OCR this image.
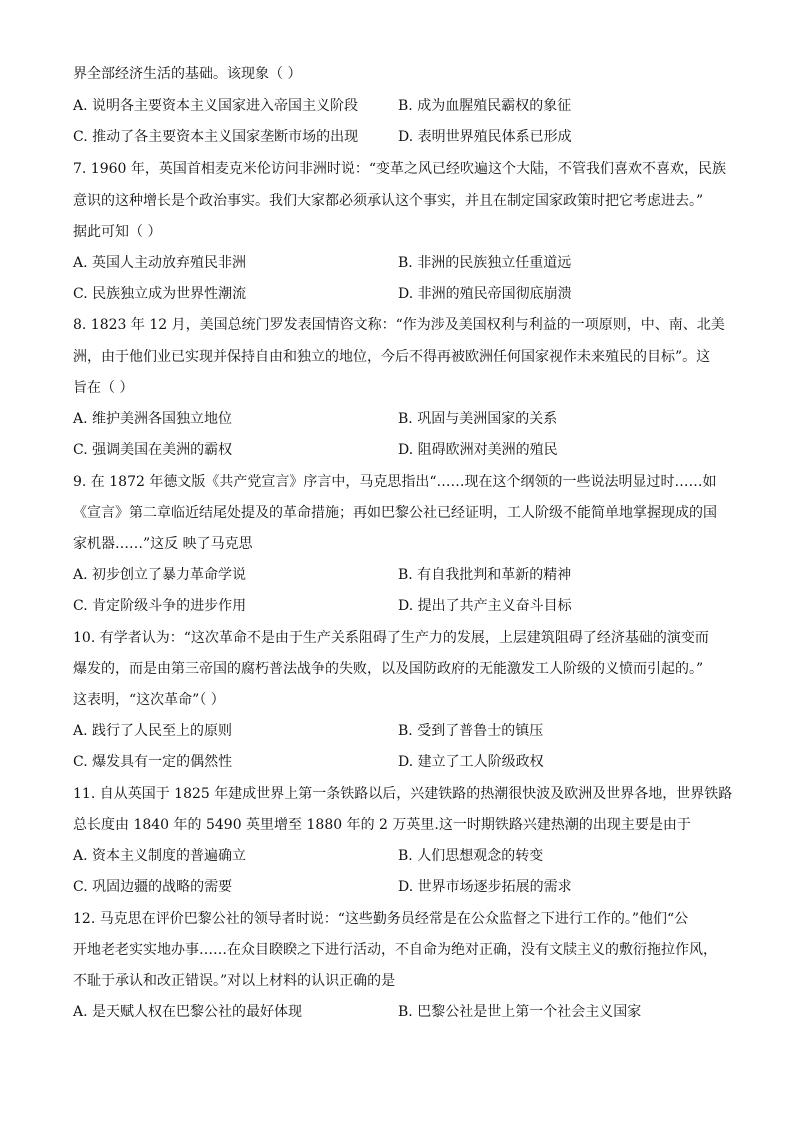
界全部经济生活的基础。该现象（ ）
A. 说明各主要资本主义国家进入帝国主义阶段	B. 成为血腥殖民霸权的象征
C. 推动了各主要资本主义国家垄断市场的出现	D. 表明世界殖民体系已形成
7. 1960 年，英国首相麦克米伦访问非洲时说：“变革之风已经吹遍这个大陆，不管我们喜欢不喜欢，民族
意识的这种增长是个政治事实。我们大家都必须承认这个事实，并且在制定国家政策时把它考虑进去。”
据此可知（ ）
A. 英国人主动放弃殖民非洲	B. 非洲的民族独立任重道远
C. 民族独立成为世界性潮流	D. 非洲的殖民帝国彻底崩溃
8. 1823 年 12 月，美国总统门罗发表国情咨文称：“作为涉及美国权利与利益的一项原则，中、南、北美
洲，由于他们业已实现并保持自由和独立的地位，今后不得再被欧洲任何国家视作未来殖民的目标”。这
旨在（ ）
A. 维护美洲各国独立地位	B. 巩固与美洲国家的关系
C. 强调美国在美洲的霸权	D. 阻碍欧洲对美洲的殖民
9. 在 1872 年德文版《共产党宣言》序言中，马克思指出“……现在这个纲领的一些说法明显过时……如
《宣言》第二章临近结尾处提及的革命措施；再如巴黎公社已经证明，工人阶级不能简单地掌握现成的国
家机器……”这反 映了马克思
A. 初步创立了暴力革命学说	B. 有自我批判和革新的精神
C. 肯定阶级斗争的进步作用	D. 提出了共产主义奋斗目标
10. 有学者认为：“这次革命不是由于生产关系阻碍了生产力的发展，上层建筑阻碍了经济基础的演变而
爆发的，而是由第三帝国的腐朽普法战争的失败，以及国防政府的无能激发工人阶级的义愤而引起的。”
这表明，“这次革命”（ ）
A. 践行了人民至上的原则	B. 受到了普鲁士的镇压
C. 爆发具有一定的偶然性	D. 建立了工人阶级政权
11. 自从英国于 1825 年建成世界上第一条铁路以后，兴建铁路的热潮很快波及欧洲及世界各地，世界铁路
总长度由 1840 年的 5490 英里增至 1880 年的 2 万英里.这一时期铁路兴建热潮的出现主要是由于
A. 资本主义制度的普遍确立	B. 人们思想观念的转变
C. 巩固边疆的战略的需要	D. 世界市场逐步拓展的需求
12. 马克思在评价巴黎公社的领导者时说：“这些勤务员经常是在公众监督之下进行工作的。”他们“公
开地老老实实地办事……在众目睽睽之下进行活动，不自命为绝对正确，没有文牍主义的敷衍拖拉作风，
不耻于承认和改正错误。”对以上材料的认识正确的是
A. 是天赋人权在巴黎公社的最好体现	B. 巴黎公社是世上第一个社会主义国家
